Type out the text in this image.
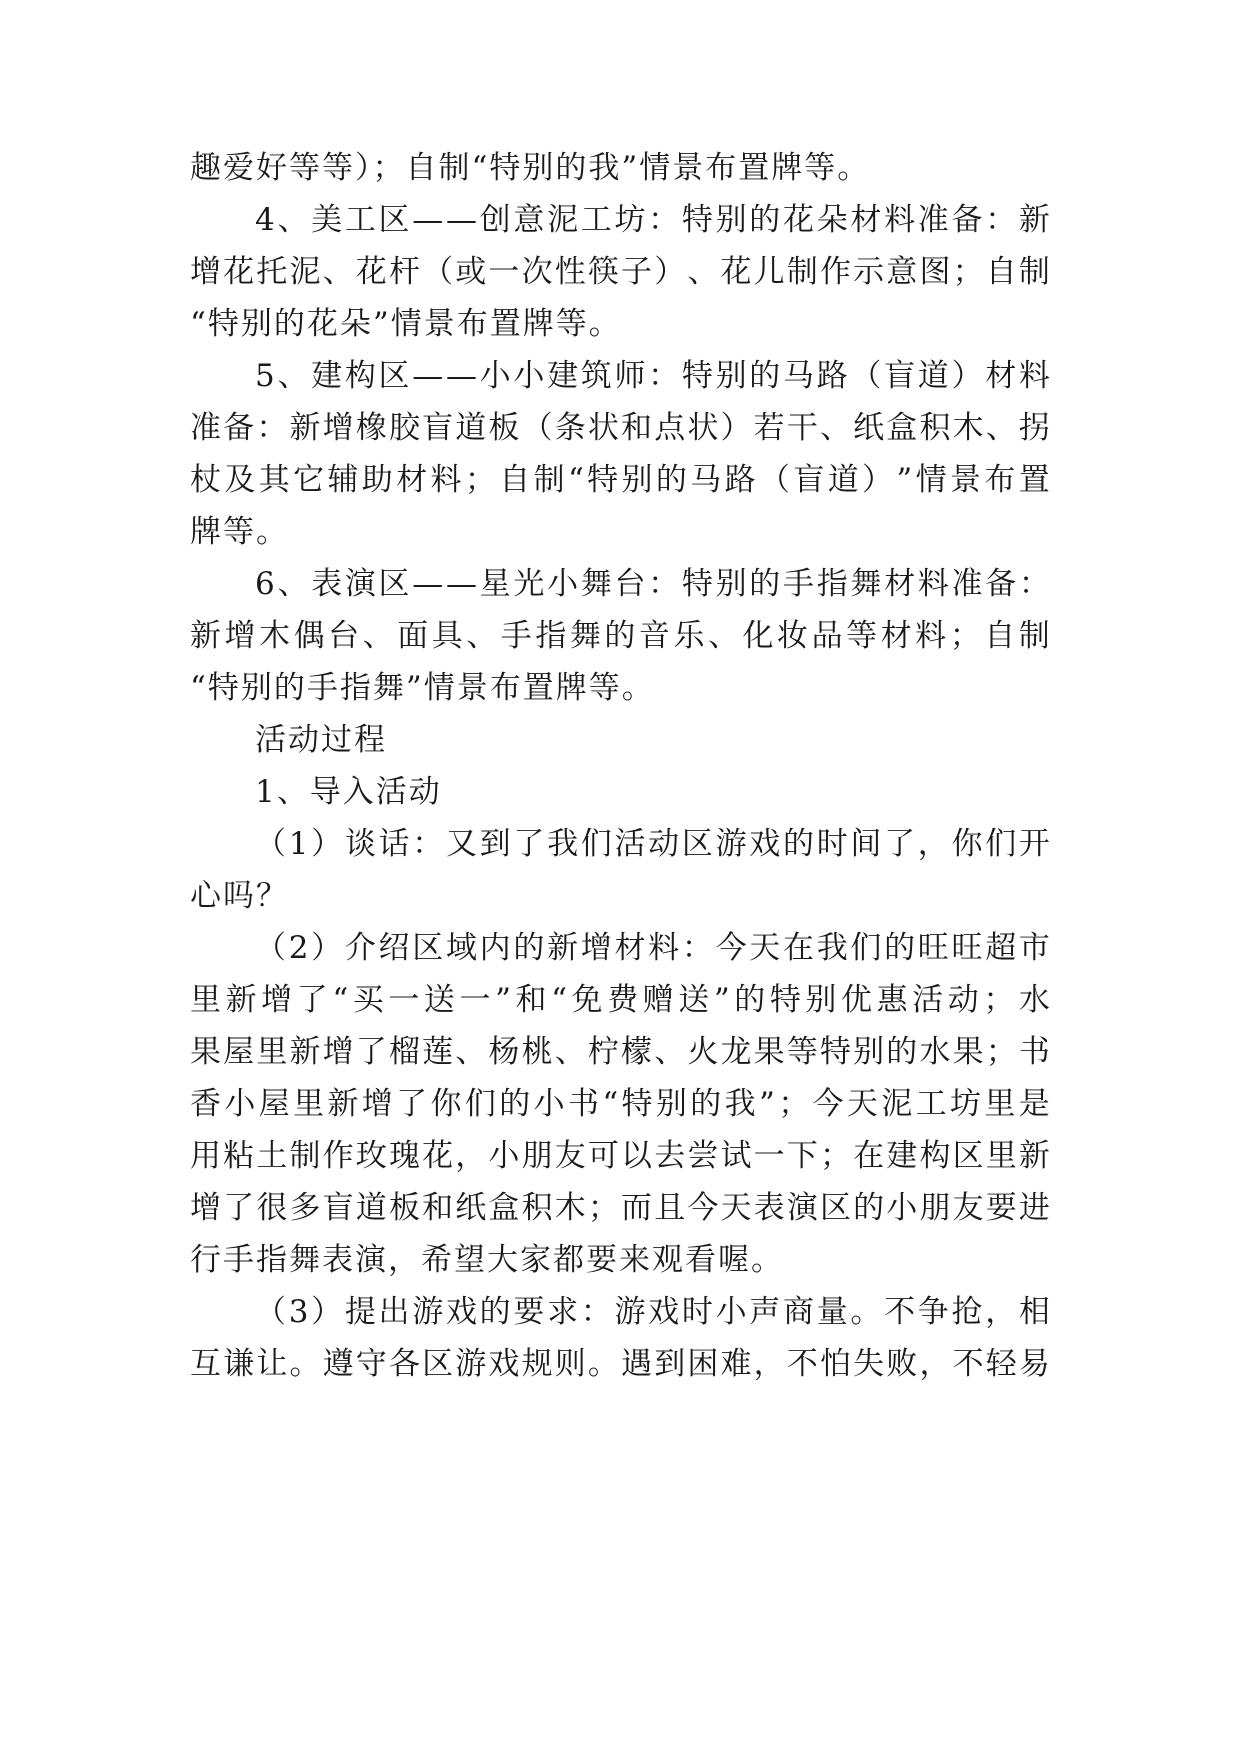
趣爱好等等）；自制“特别的我”情景布置牌等。
4 、 美 工 区 — — 创 意 泥 工 坊 ： 特 别 的 花 朵 材 料 准 备 ： 新
增 花 托 泥 、 花 杆 （ 或 一 次 性 筷 子 ） 、 花 儿 制 作 示 意 图 ； 自 制
“特别的花朵”情景布置牌等。
5 、 建 构 区 — — 小 小 建 筑 师 ： 特 别 的 马 路 （ 盲 道 ） 材 料
准 备 ： 新 增 橡 胶 盲 道 板 （ 条 状 和 点 状 ） 若 干 、 纸 盒 积 木 、 拐
杖 及 其 它 辅 助 材 料 ； 自 制 “ 特 别 的 马 路 （ 盲 道 ） ” 情 景 布 置
牌等。
6 、 表 演 区 — — 星 光 小 舞 台 ： 特 别 的 手 指 舞 材 料 准 备 ：
新 增 木 偶 台 、 面 具 、 手 指 舞 的 音 乐 、 化 妆 品 等 材 料 ； 自 制
“特别的手指舞”情景布置牌等。
活动过程
1、导入活动
（ 1 ） 谈 话 ： 又 到 了 我 们 活 动 区 游 戏 的 时 间 了 ， 你 们 开
心吗？
（ 2 ） 介 绍 区 域 内 的 新 增 材 料 ： 今 天 在 我 们 的 旺 旺 超 市
里 新 增 了 “ 买 一 送 一 ” 和 “ 免 费 赠 送 ” 的 特 别 优 惠 活 动 ； 水
果 屋 里 新 增 了 榴 莲 、 杨 桃 、 柠 檬 、 火 龙 果 等 特 别 的 水 果 ； 书
香 小 屋 里 新 增 了 你 们 的 小 书 “ 特 别 的 我 ” ； 今 天 泥 工 坊 里 是
用 粘 土 制 作 玫 瑰 花 ， 小 朋 友 可 以 去 尝 试 一 下 ； 在 建 构 区 里 新
增 了 很 多 盲 道 板 和 纸 盒 积 木 ； 而 且 今 天 表 演 区 的 小 朋 友 要 进
行手指舞表演，希望大家都要来观看喔。
（ 3 ） 提 出 游 戏 的 要 求 ： 游 戏 时 小 声 商 量 。 不 争 抢 ， 相
互 谦 让 。 遵 守 各 区 游 戏 规 则 。 遇 到 困 难 ， 不 怕 失 败 ， 不 轻 易
